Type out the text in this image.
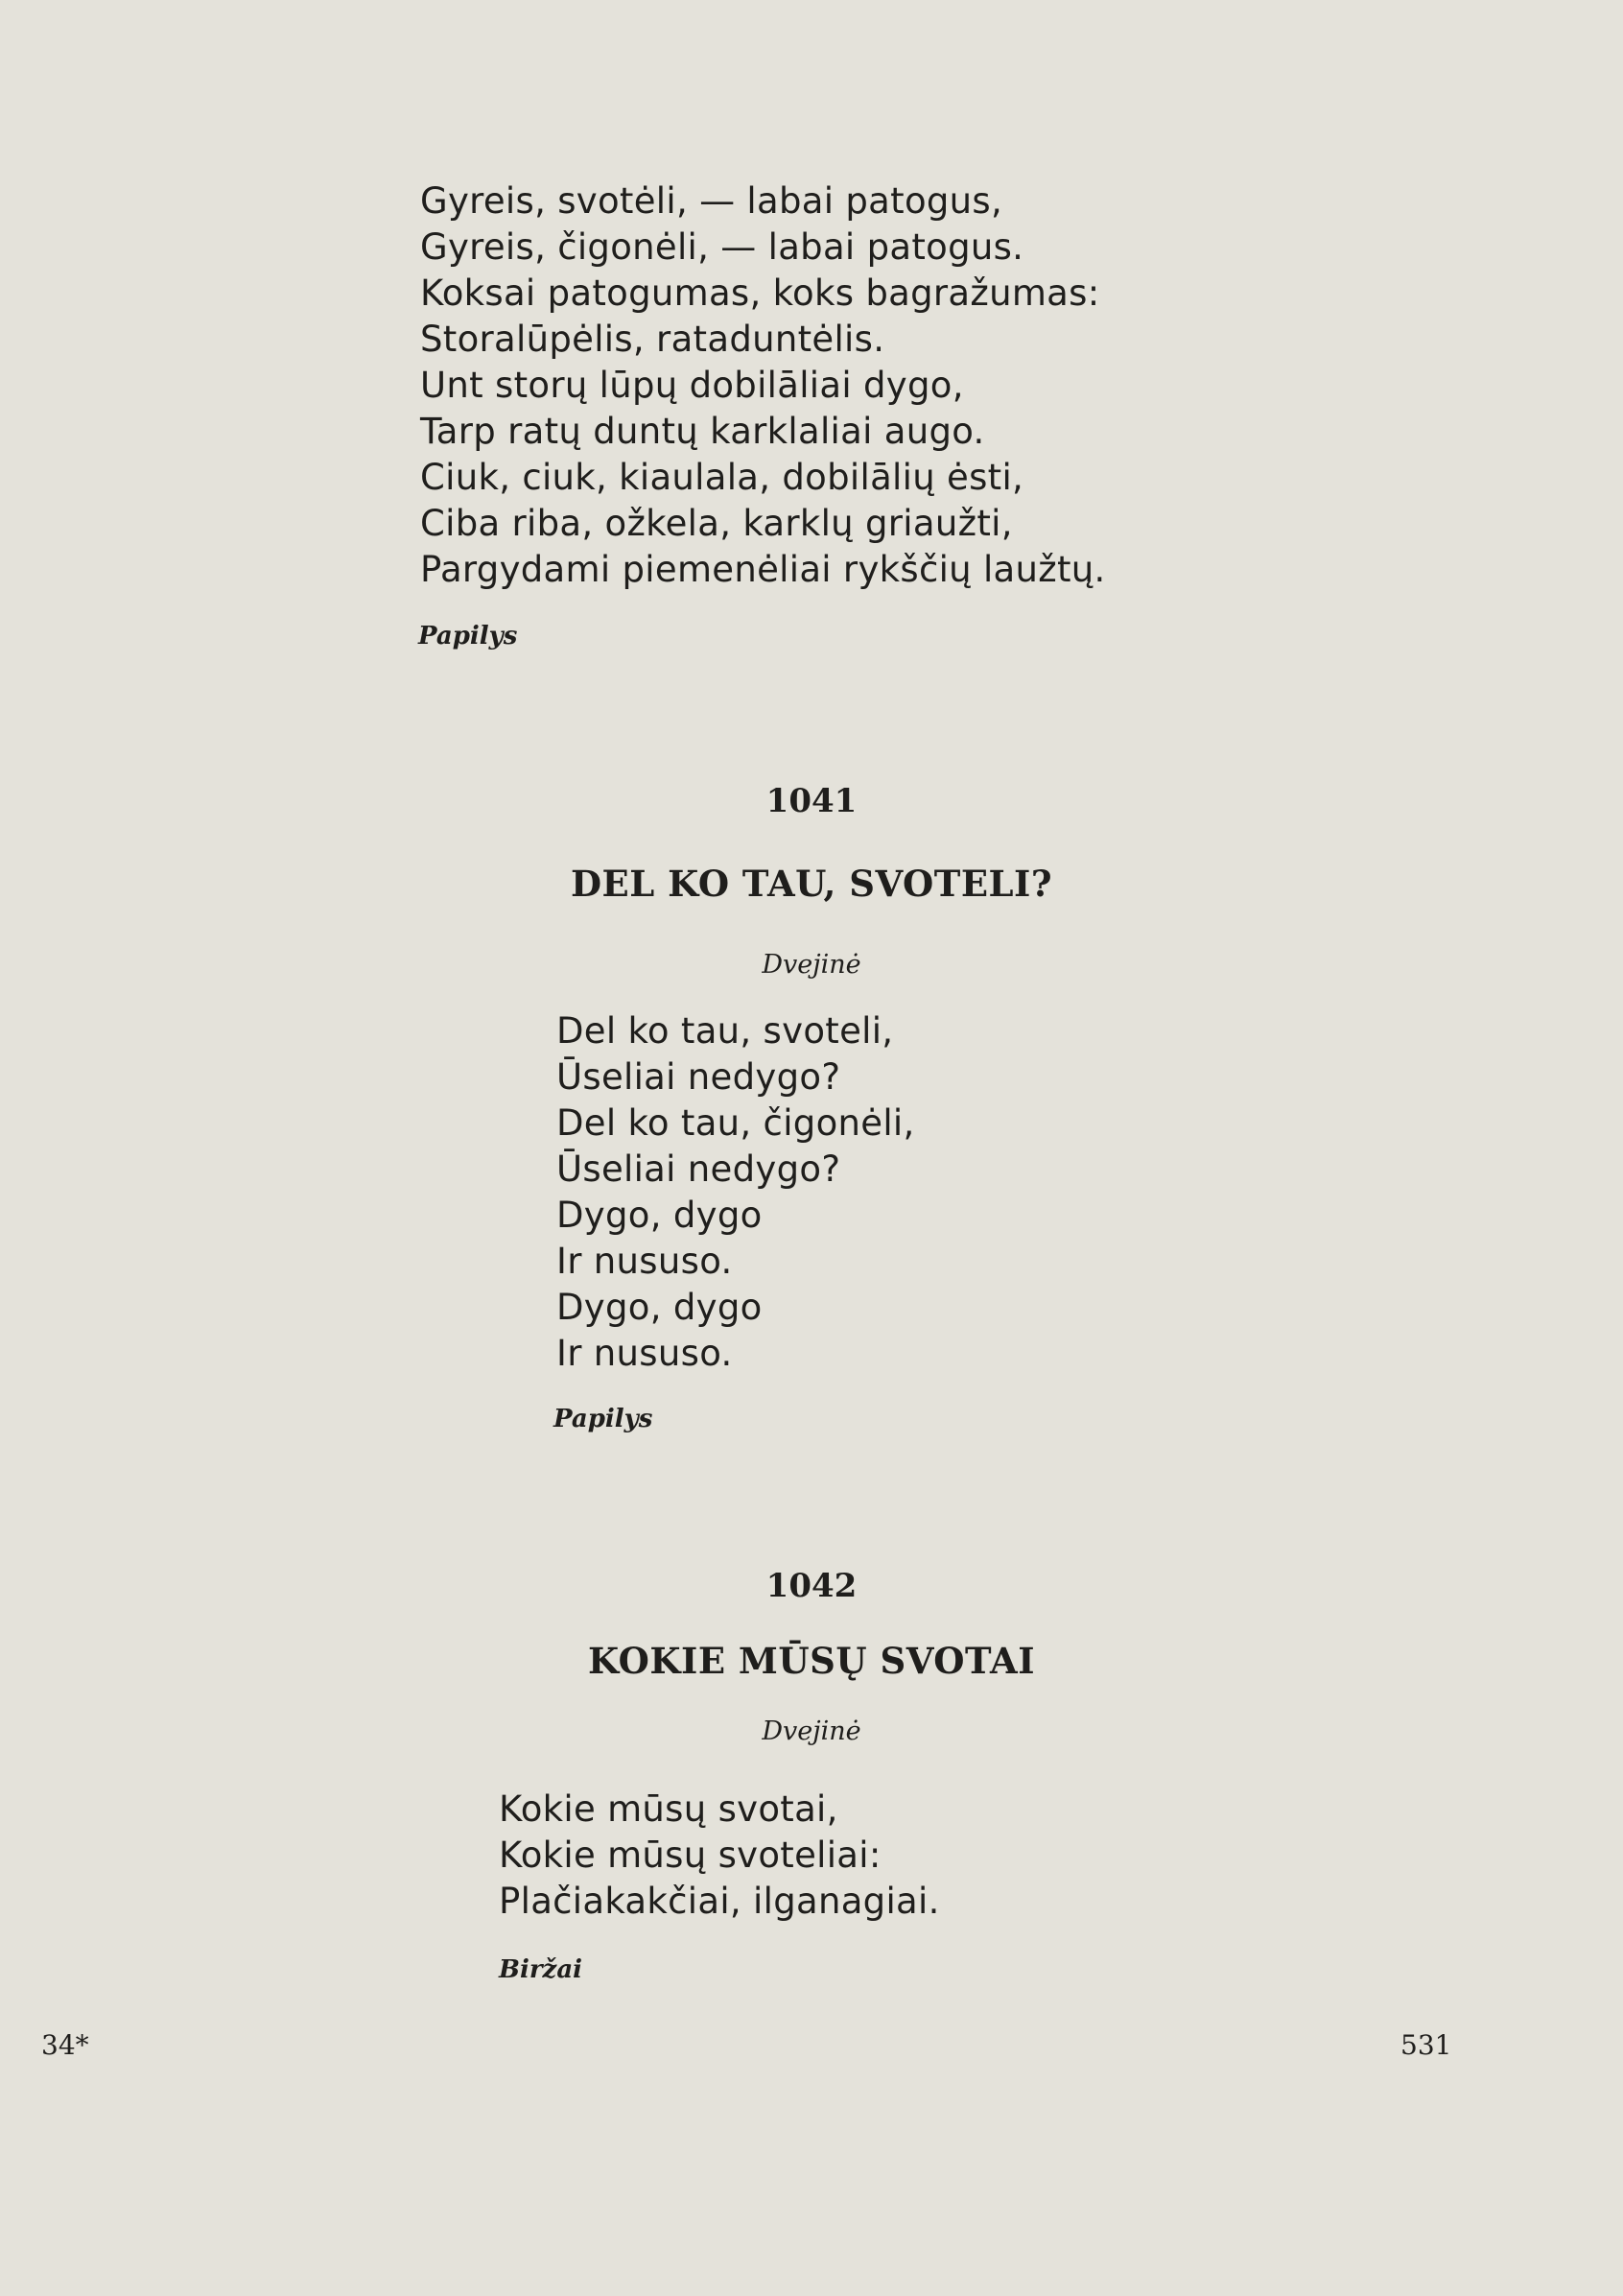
Gyreis, svotėli, — labai patogus,
Gyreis, čigonėli, — labai patogus.
Koksai patogumas, koks bagražumas:
Storalūpėlis, rataduntėlis.
Unt storų lūpų dobilāliai dygo,
Tarp ratų duntų karklaliai augo.
Ciuk, ciuk, kiaulala, dobilālių ėsti,
Ciba riba, ožkela, karklų griaužti,
Pargydami piemenėliai rykščių laužtų.
Papilys
1041
DEL KO TAU, SVOTELI?
Dvejinė
Del ko tau, svoteli,
Ūseliai nedygo?
Del ko tau, čigonėli,
Ūseliai nedygo?
Dygo, dygo
Ir nususo.
Dygo, dygo
Ir nususo.
Papilys
1042
KOKIE MŪSŲ SVOTAI
Dvejinė
Kokie mūsų svotai,
Kokie mūsų svoteliai:
Plačiakakčiai, ilganagiai.
Biržai
34*	531
